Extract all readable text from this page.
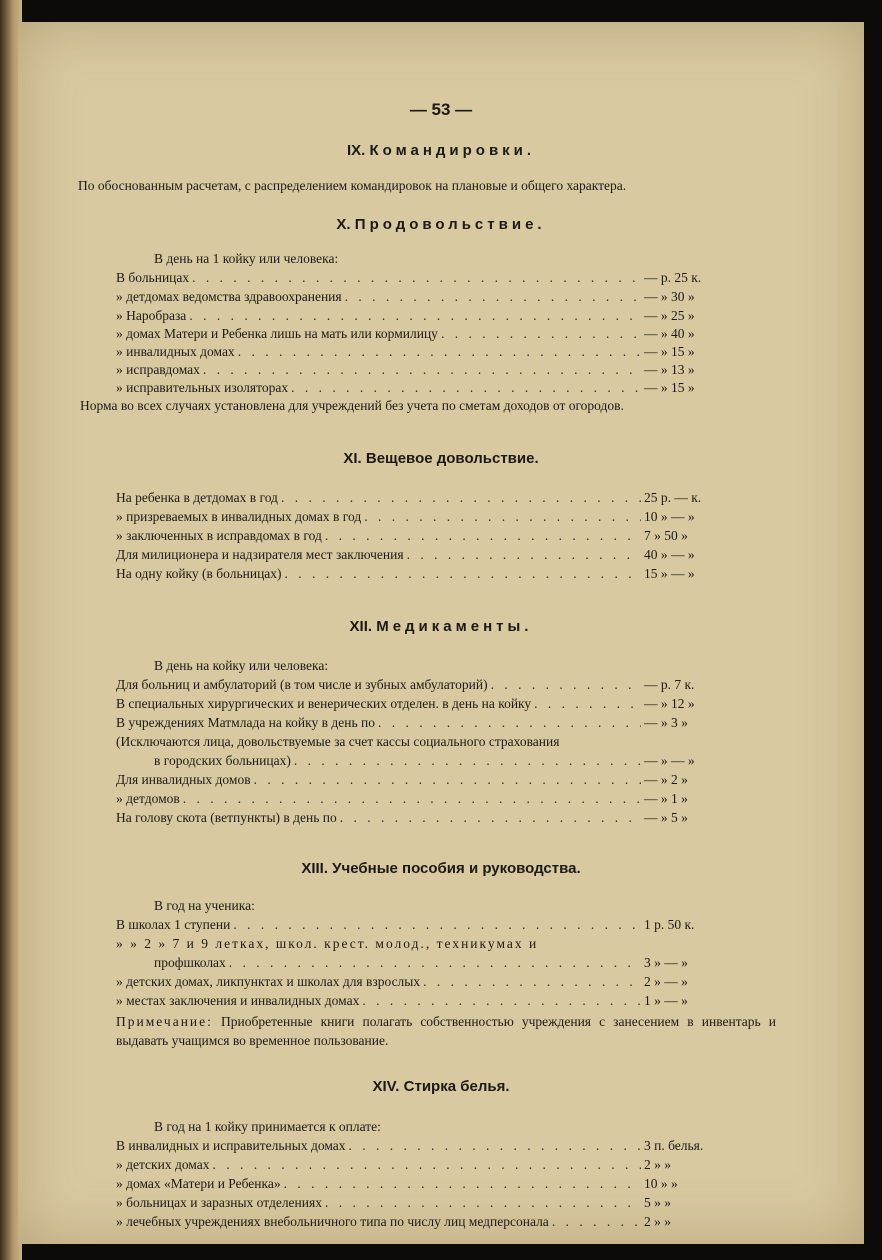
— 53 —
IX. Командировки.
По обоснованным расчетам, с распределением командировок на плановые и общего характера.
X. Продовольствие.
В день на 1 койку или человека:
В больницах . . .	— р. 25 к.
» детдомах ведомства здравоохранения . . .	— » 30 »
» Наробраза . . .	— » 25 »
» домах Матери и Ребенка лишь на мать или кормилицу . . .	— » 40 »
» инвалидных домах . . .	— » 15 »
» исправдомах . . .	— » 13 »
» исправительных изоляторах . . .	— » 15 »
Норма во всех случаях установлена для учреждений без учета по сметам доходов от огородов.
XI. Вещевое довольствие.
На ребенка в детдомах в год . . .	25 р. — к.
» призреваемых в инвалидных домах в год . . .	10 » — »
» заключенных в исправдомах в год . . .	7 » 50 »
Для милиционера и надзирателя мест заключения . . .	40 » — »
На одну койку (в больницах) . . .	15 » — »
XII. Медикаменты.
В день на койку или человека:
Для больниц и амбулаторий (в том числе и зубных амбулаторий) . . .	— р. 7 к.
В специальных хирургических и венерических отделен. в день на койку . . .	— » 12 »
В учреждениях Матмлада на койку в день по . . .	— » 3 »
(Исключаются лица, довольствуемые за счет кассы социального страхования
в городских больницах) . . .	— » — »
Для инвалидных домов . . .	— » 2 »
» детдомов . . .	— » 1 »
На голову скота (ветпункты) в день по . . .	— » 5 »
XIII. Учебные пособия и руководства.
В год на ученика:
В школах 1 ступени . . .	1 р. 50 к.
» » 2 » 7 и 9 летках, школ. крест. молод., техникумах и
профшколах . . .	3 » — »
» детских домах, ликпунктах и школах для взрослых . . .	2 » — »
» местах заключения и инвалидных домах . . .	1 » — »
Примечание: Приобретенные книги полагать собственностью учреждения с занесением в инвентарь и выдавать учащимся во временное пользование.
XIV. Стирка белья.
В год на 1 койку принимается к оплате:
В инвалидных и исправительных домах . . .	3 п. белья.
» детских домах . . .	2 » »
» домах «Матери и Ребенка» . . .	10 » »
» больницах и заразных отделениях . . .	5 » »
» лечебных учреждениях внебольничного типа по числу лиц медперсонала . . .	2 » »
